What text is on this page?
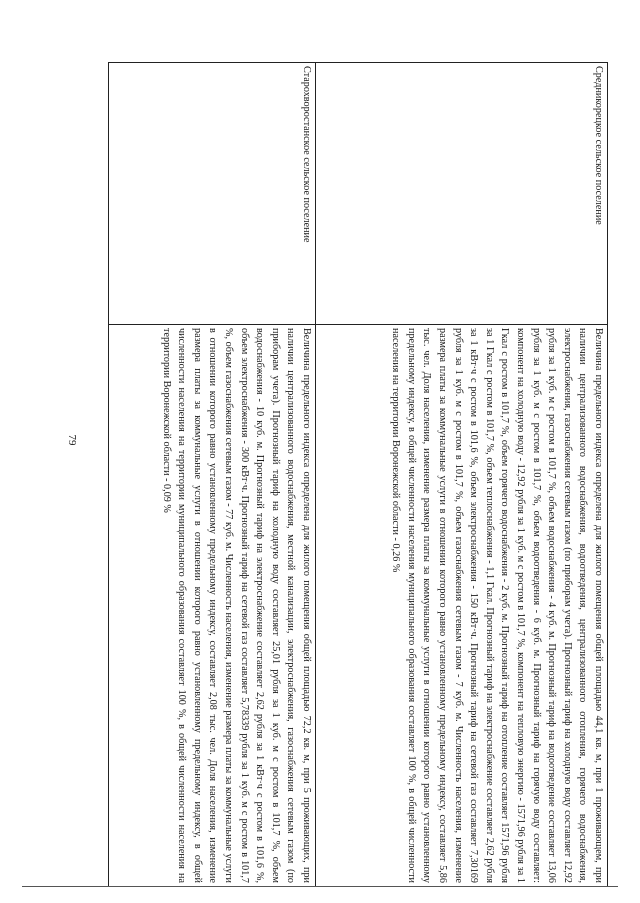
79
Средникорецкое сельское поселение	Величина предельного индекса определена для жилого помещения общей площадью 44,1 кв. м, при 1 проживающем, при наличии централизованного водоснабжения, водоотведения, централизованного отопления, горячего водоснабжения, электроснабжения, газоснабжения сетевым газом (по приборам учета). Прогнозный тариф на холодную воду составляет 12,92 рубля за 1 куб. м с ростом в 101,7 %, объем водоснабжения - 4 куб. м. Прогнозный тариф на водоотведение составляет 13,06 рубля за 1 куб. м с ростом в 101,7 %, объем водоотведения - 6 куб. м. Прогнозный тариф на горячую воду составляет: компонент на холодную воду - 12,92 рубля за 1 куб. м с ростом в 101,7 %, компонент на тепловую энергию - 1571,96 рубля за 1 Гкал с ростом в 101,7 %, объем горячего водоснабжения - 2 куб. м. Прогнозный тариф на отопление составляет 1571,96 рубля за 1 Гкал с ростом в 101,7 %, объем теплоснабжения - 1,1 Гкал. Прогнозный тариф на электроснабжение составляет 2,62 рубля за 1 кВт·ч с ростом в 101,6 %, объем электроснабжения - 150 кВт·ч. Прогнозный тариф на сетевой газ составляет 7,30169 рубля за 1 куб. м с ростом в 101,7 %, объем газоснабжения сетевым газом - 7 куб. м. Численность населения, изменение размера платы за коммунальные услуги в отношении которого равно установленному предельному индексу, составляет 5,86 тыс. чел. Доля населения, изменение размера платы за коммунальные услуги в отношении которого равно установленному предельному индексу, в общей численности населения муниципального образования составляет 100 %, в общей численности населения на территории Воронежской области - 0,26 %
Старохворостанское сельское поселение	Величина предельного индекса определена для жилого помещения общей площадью 72,2 кв. м, при 5 проживающих, при наличии централизованного водоснабжения, местной канализации, электроснабжения, газоснабжения сетевым газом (по приборам учета). Прогнозный тариф на холодную воду составляет 25,01 рубля за 1 куб. м с ростом в 101,7 %, объем водоснабжения - 10 куб. м. Прогнозный тариф на электроснабжение составляет 2,62 рубля за 1 кВт·ч с ростом в 101,6 %, объем электроснабжения - 300 кВт·ч. Прогнозный тариф на сетевой газ составляет 5,78339 рубля за 1 куб. м с ростом в 101,7 %, объем газоснабжения сетевым газом - 77 куб. м. Численность населения, изменение размера платы за коммунальные услуги в отношении которого равно установленному предельному индексу, составляет 2,08 тыс. чел. Доля населения, изменение размера платы за коммунальные услуги в отношении которого равно установленному предельному индексу, в общей численности населения на территории муниципального образования составляет 100 %, в общей численности населения на территории Воронежской области - 0,09 %
